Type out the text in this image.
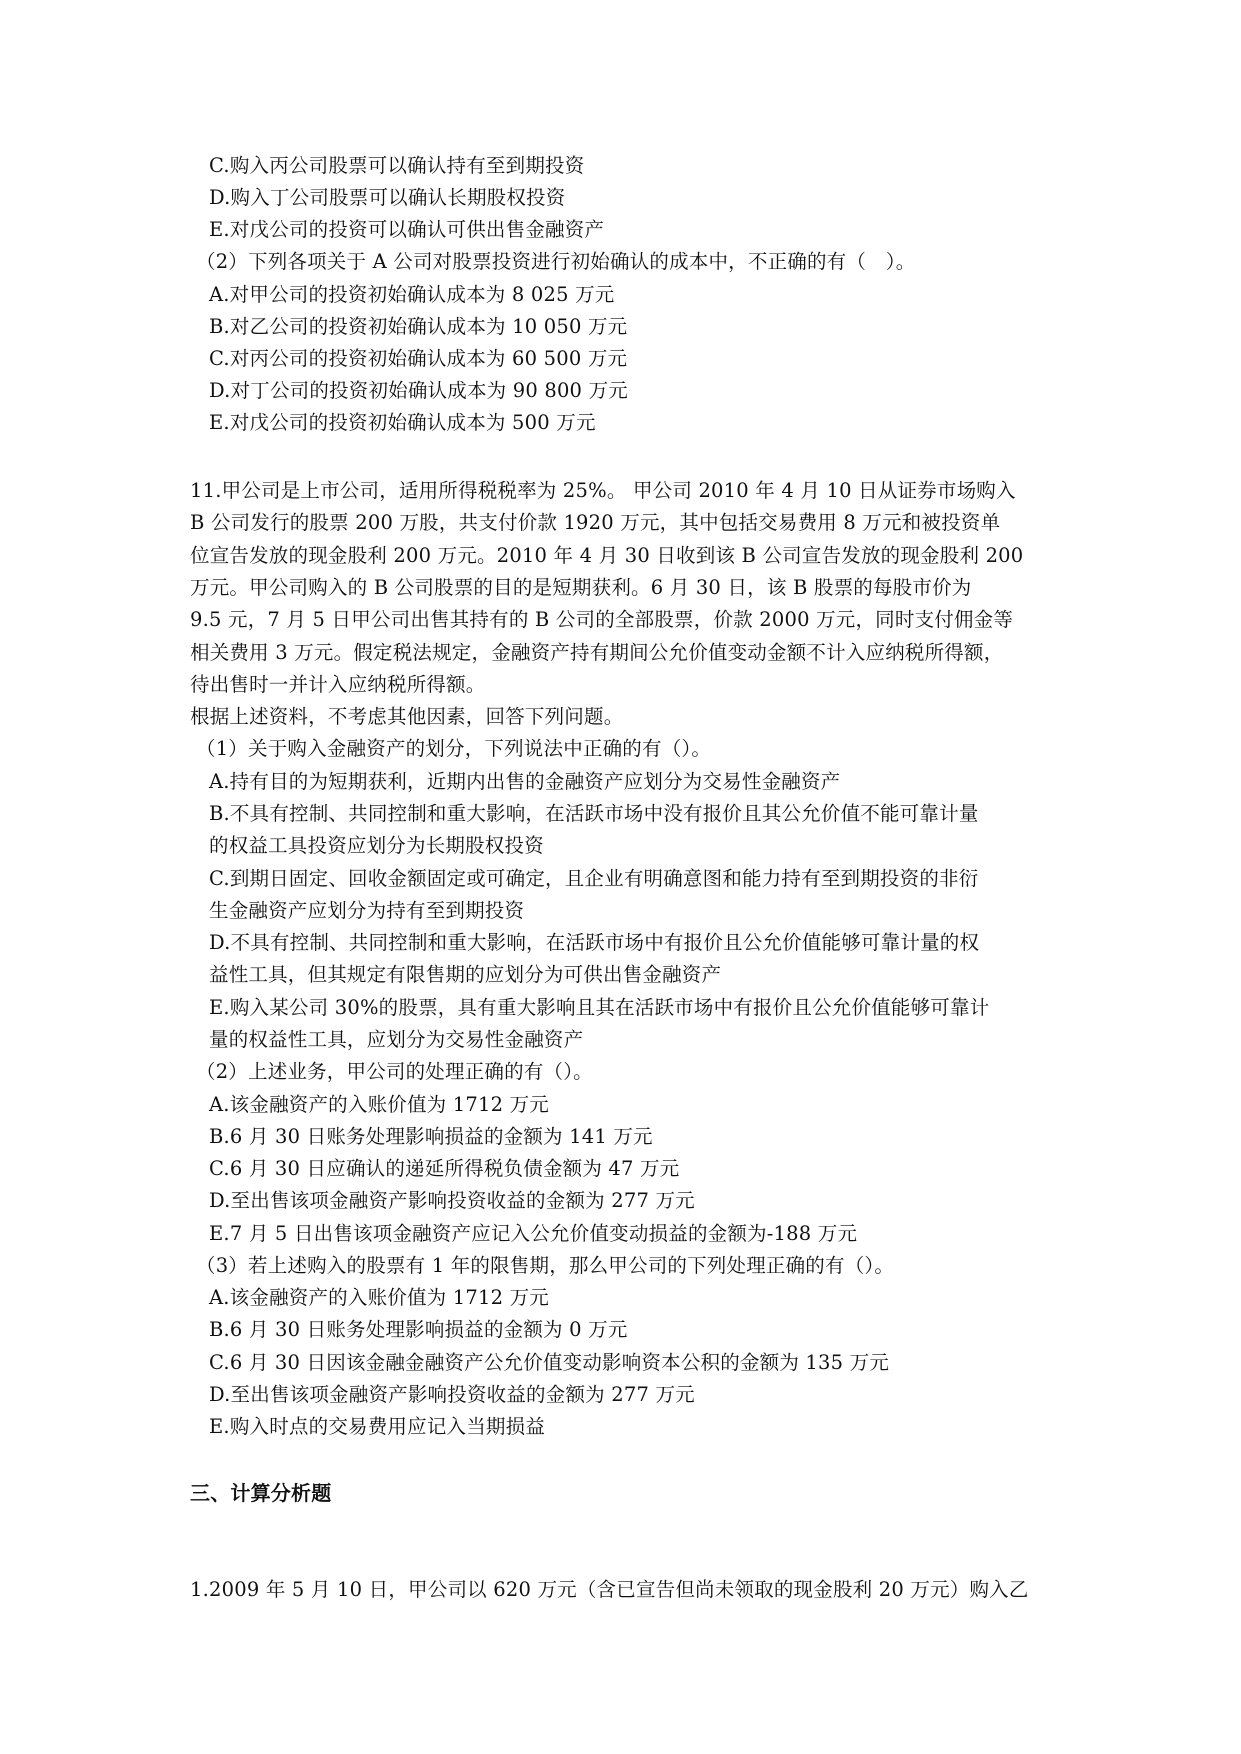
C.购入丙公司股票可以确认持有至到期投资
D.购入丁公司股票可以确认长期股权投资
E.对戊公司的投资可以确认可供出售金融资产
（2）下列各项关于 A 公司对股票投资进行初始确认的成本中，不正确的有（　）。
A.对甲公司的投资初始确认成本为 8 025 万元
B.对乙公司的投资初始确认成本为 10 050 万元
C.对丙公司的投资初始确认成本为 60 500 万元
D.对丁公司的投资初始确认成本为 90 800 万元
E.对戊公司的投资初始确认成本为 500 万元
11.甲公司是上市公司，适用所得税税率为 25%。 甲公司 2010 年 4 月 10 日从证券市场购入
B 公司发行的股票 200 万股，共支付价款 1920 万元，其中包括交易费用 8 万元和被投资单
位宣告发放的现金股利 200 万元。2010 年 4 月 30 日收到该 B 公司宣告发放的现金股利 200
万元。甲公司购入的 B 公司股票的目的是短期获利。6 月 30 日，该 B 股票的每股市价为
9.5 元，7 月 5 日甲公司出售其持有的 B 公司的全部股票，价款 2000 万元，同时支付佣金等
相关费用 3 万元。假定税法规定，金融资产持有期间公允价值变动金额不计入应纳税所得额，
待出售时一并计入应纳税所得额。
根据上述资料，不考虑其他因素，回答下列问题。
（1）关于购入金融资产的划分，下列说法中正确的有（）。
A.持有目的为短期获利，近期内出售的金融资产应划分为交易性金融资产
B.不具有控制、共同控制和重大影响，在活跃市场中没有报价且其公允价值不能可靠计量
的权益工具投资应划分为长期股权投资
C.到期日固定、回收金额固定或可确定，且企业有明确意图和能力持有至到期投资的非衍
生金融资产应划分为持有至到期投资
D.不具有控制、共同控制和重大影响，在活跃市场中有报价且公允价值能够可靠计量的权
益性工具，但其规定有限售期的应划分为可供出售金融资产
E.购入某公司 30%的股票，具有重大影响且其在活跃市场中有报价且公允价值能够可靠计
量的权益性工具，应划分为交易性金融资产
（2）上述业务，甲公司的处理正确的有（）。
A.该金融资产的入账价值为 1712 万元
B.6 月 30 日账务处理影响损益的金额为 141 万元
C.6 月 30 日应确认的递延所得税负债金额为 47 万元
D.至出售该项金融资产影响投资收益的金额为 277 万元
E.7 月 5 日出售该项金融资产应记入公允价值变动损益的金额为-188 万元
（3）若上述购入的股票有 1 年的限售期，那么甲公司的下列处理正确的有（）。
A.该金融资产的入账价值为 1712 万元
B.6 月 30 日账务处理影响损益的金额为 0 万元
C.6 月 30 日因该金融金融资产公允价值变动影响资本公积的金额为 135 万元
D.至出售该项金融资产影响投资收益的金额为 277 万元
E.购入时点的交易费用应记入当期损益
三、计算分析题
1.2009 年 5 月 10 日，甲公司以 620 万元（含已宣告但尚未领取的现金股利 20 万元）购入乙
